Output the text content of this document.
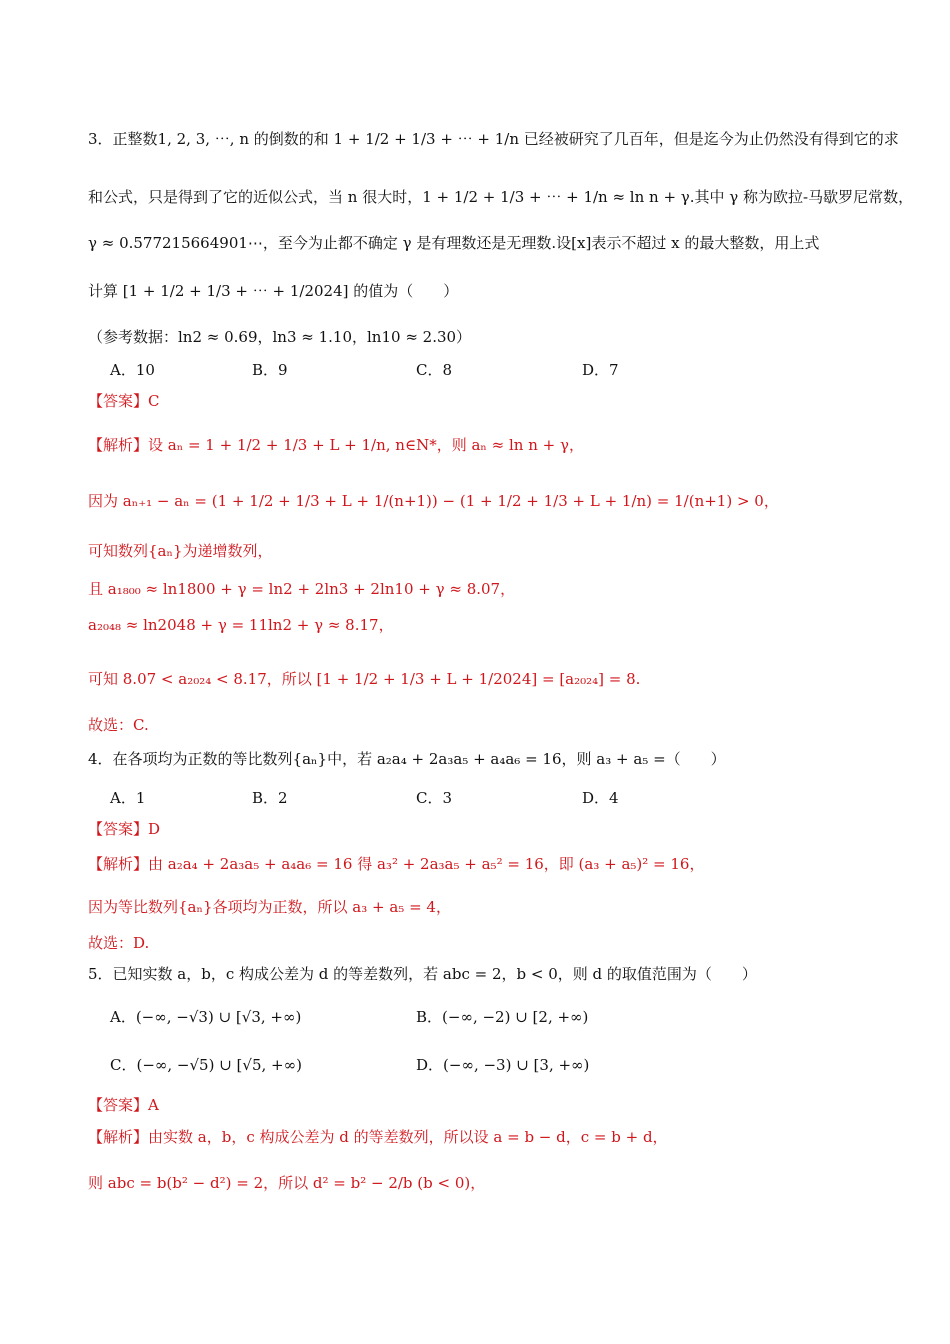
3．正整数1, 2, 3, ⋯, n 的倒数的和 1 + 1/2 + 1/3 + ⋯ + 1/n 已经被研究了几百年，但是迄今为止仍然没有得到它的求
和公式，只是得到了它的近似公式，当 n 很大时，1 + 1/2 + 1/3 + ⋯ + 1/n ≈ ln n + γ.其中 γ 称为欧拉-马歇罗尼常数，
γ ≈ 0.577215664901⋯，至今为止都不确定 γ 是有理数还是无理数.设[x]表示不超过 x 的最大整数，用上式
计算 [1 + 1/2 + 1/3 + ⋯ + 1/2024] 的值为（　　）
（参考数据：ln2 ≈ 0.69，ln3 ≈ 1.10，ln10 ≈ 2.30）
A．10	B．9	C．8	D．7
【答案】C
【解析】设 aₙ = 1 + 1/2 + 1/3 + L + 1/n, n∈N*，则 aₙ ≈ ln n + γ，
因为 aₙ₊₁ − aₙ = (1 + 1/2 + 1/3 + L + 1/(n+1)) − (1 + 1/2 + 1/3 + L + 1/n) = 1/(n+1) > 0，
可知数列{aₙ}为递增数列，
且 a₁₈₀₀ ≈ ln1800 + γ = ln2 + 2ln3 + 2ln10 + γ ≈ 8.07，
a₂₀₄₈ ≈ ln2048 + γ = 11ln2 + γ ≈ 8.17，
可知 8.07 < a₂₀₂₄ < 8.17，所以 [1 + 1/2 + 1/3 + L + 1/2024] = [a₂₀₂₄] = 8.
故选：C.
4．在各项均为正数的等比数列{aₙ}中，若 a₂a₄ + 2a₃a₅ + a₄a₆ = 16，则 a₃ + a₅ =（　　）
A．1	B．2	C．3	D．4
【答案】D
【解析】由 a₂a₄ + 2a₃a₅ + a₄a₆ = 16 得 a₃² + 2a₃a₅ + a₅² = 16，即 (a₃ + a₅)² = 16，
因为等比数列{aₙ}各项均为正数，所以 a₃ + a₅ = 4，
故选：D.
5．已知实数 a，b，c 构成公差为 d 的等差数列，若 abc = 2，b < 0，则 d 的取值范围为（　　）
A．(−∞, −√3) ∪ [√3, +∞)	B．(−∞, −2) ∪ [2, +∞)
C．(−∞, −√5) ∪ [√5, +∞)	D．(−∞, −3) ∪ [3, +∞)
【答案】A
【解析】由实数 a，b，c 构成公差为 d 的等差数列，所以设 a = b − d，c = b + d，
则 abc = b(b² − d²) = 2，所以 d² = b² − 2/b (b < 0)，
